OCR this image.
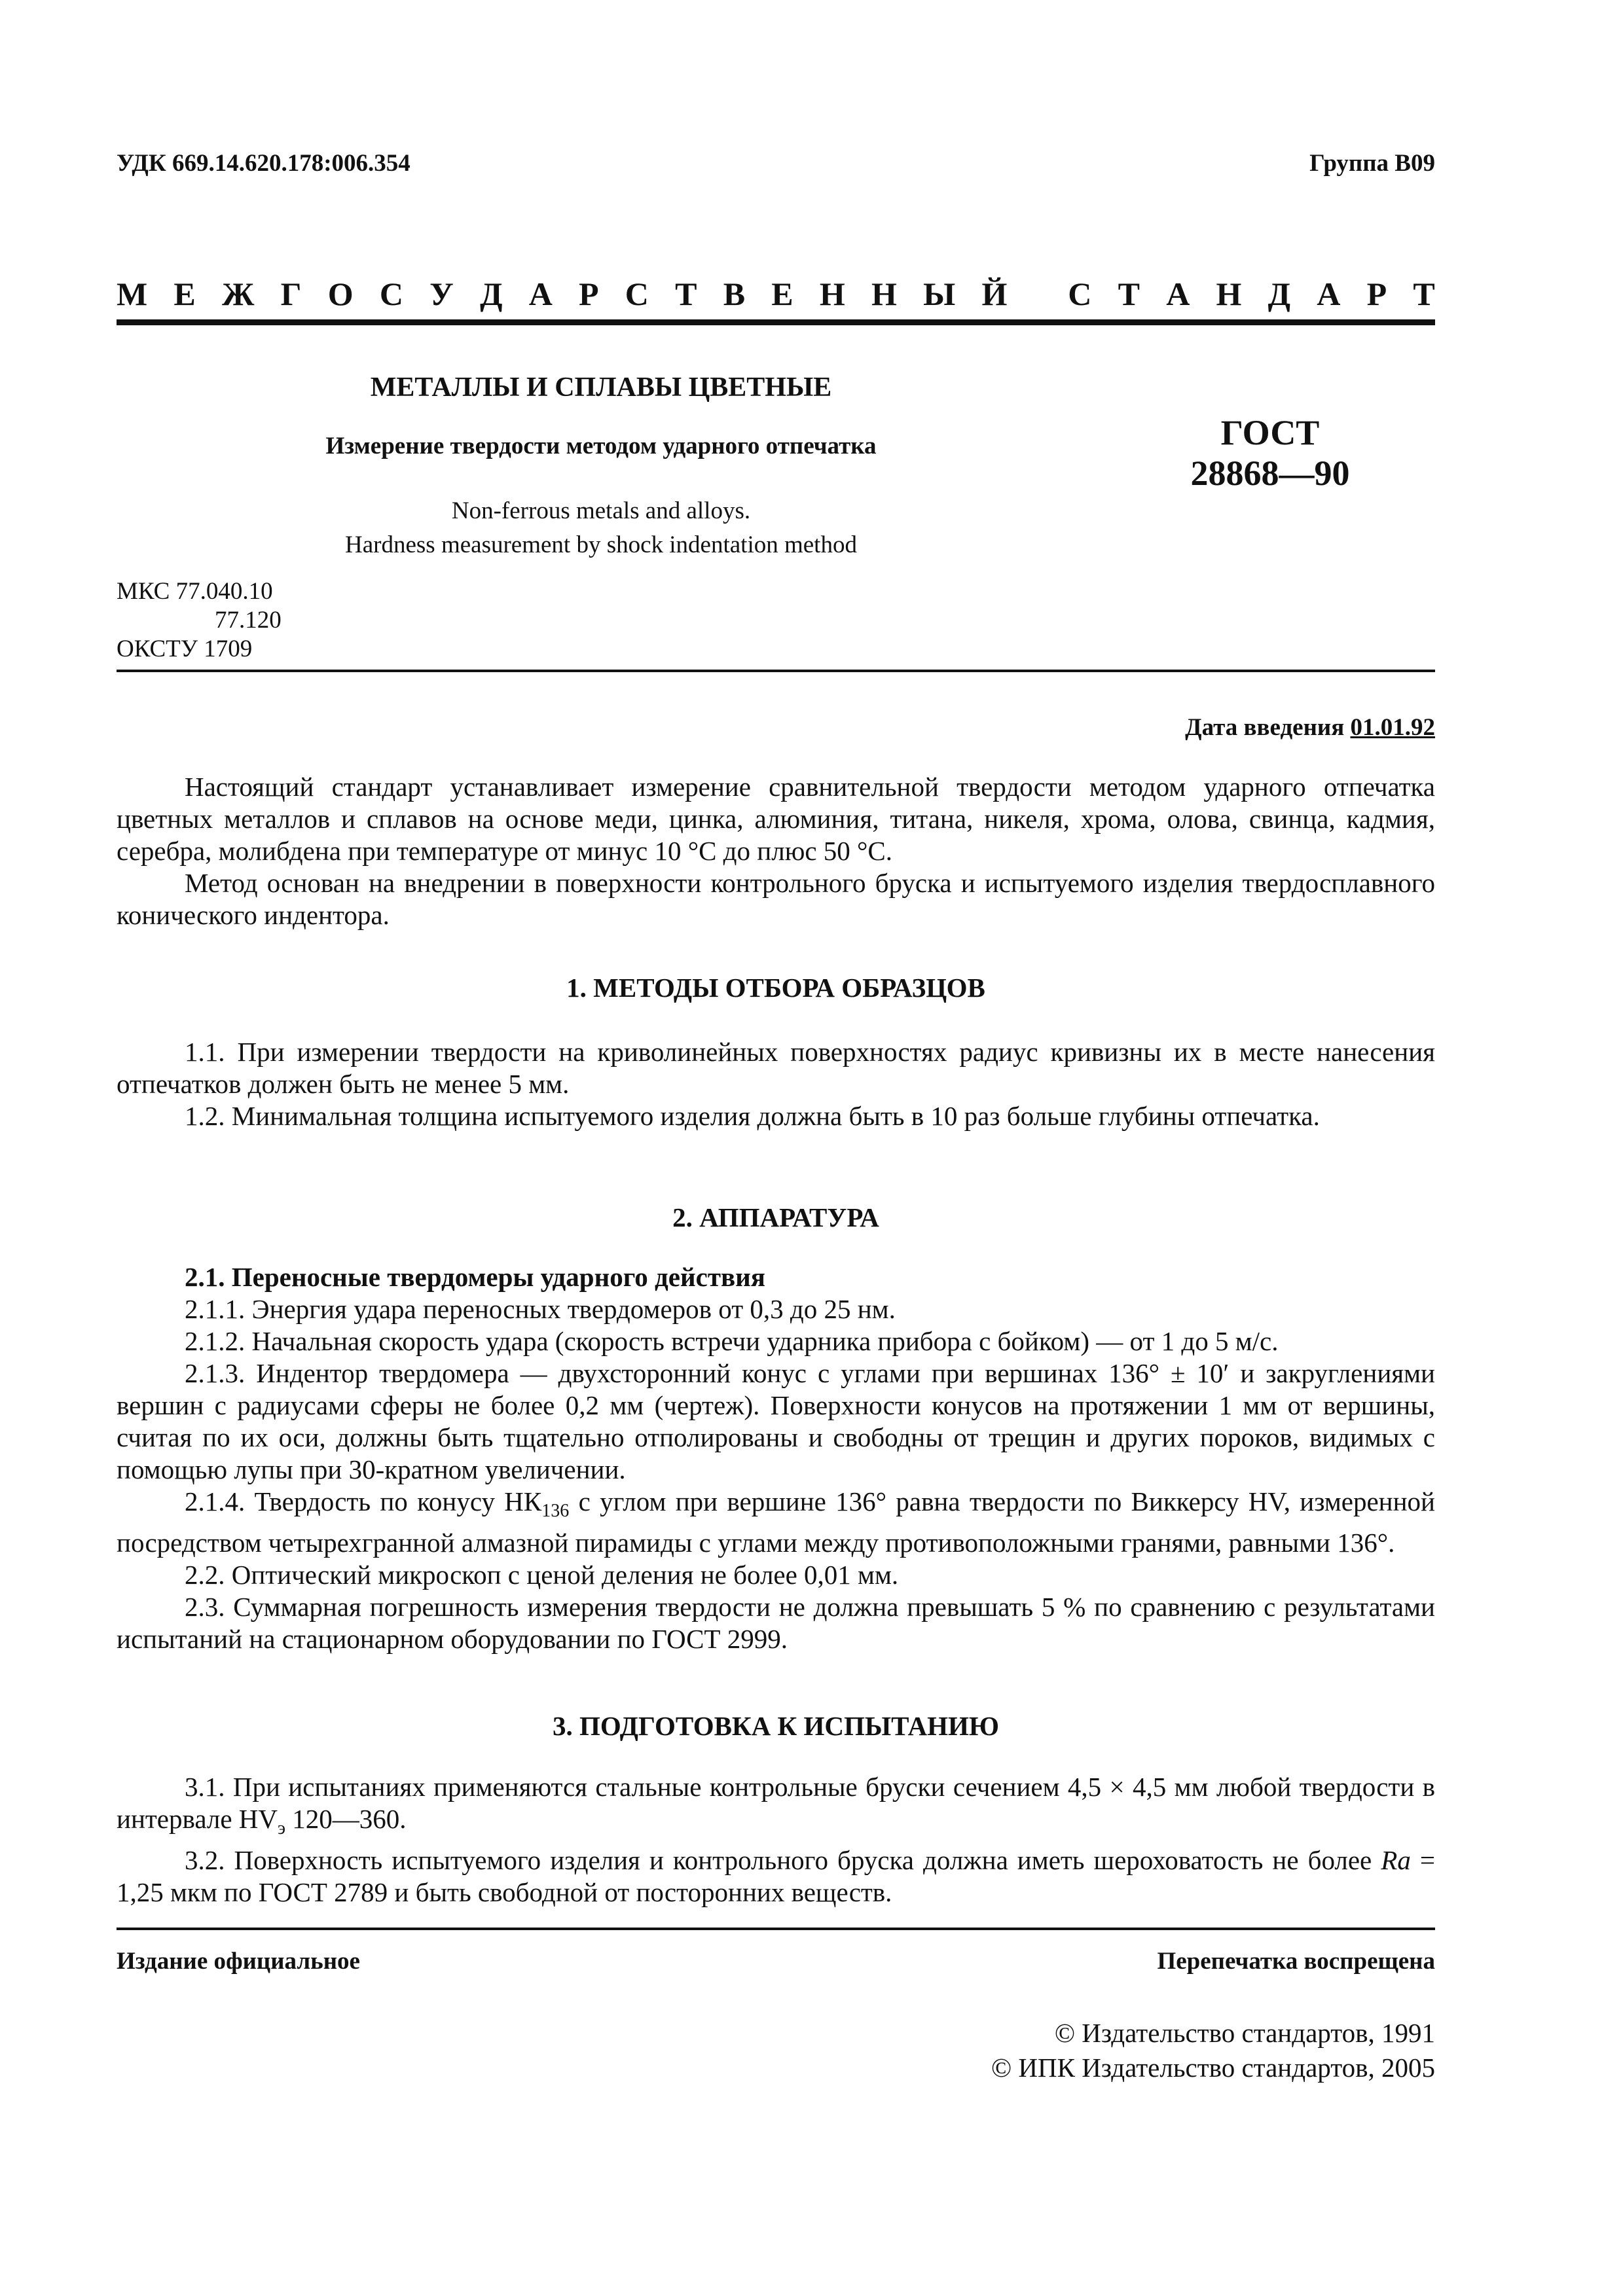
УДК 669.14.620.178:006.354	Группа В09
М Е Ж Г О С У Д А Р С Т В Е Н Н Ы Й
С Т А Н Д А Р Т
МЕТАЛЛЫ И СПЛАВЫ ЦВЕТНЫЕ
Измерение твердости методом ударного отпечатка
Non-ferrous metals and alloys.
Hardness measurement by shock indentation method
ГОСТ
28868—90
МКС 77.040.10
77.120
ОКСТУ 1709
Дата введения 01.01.92

Настоящий стандарт устанавливает измерение сравнительной твердости методом ударного отпечатка цветных металлов и сплавов на основе меди, цинка, алюминия, титана, никеля, хрома, олова, свинца, кадмия, серебра, молибдена при температуре от минус 10 °С до плюс 50 °С.

Метод основан на внедрении в поверхности контрольного бруска и испытуемого изделия твердосплавного конического индентора.

1. МЕТОДЫ ОТБОРА ОБРАЗЦОВ

1.1. При измерении твердости на криволинейных поверхностях радиус кривизны их в месте нанесения отпечатков должен быть не менее 5 мм.

1.2. Минимальная толщина испытуемого изделия должна быть в 10 раз больше глубины отпечатка.

2. АППАРАТУРА

2.1. Переносные твердомеры ударного действия

2.1.1. Энергия удара переносных твердомеров от 0,3 до 25 нм.

2.1.2. Начальная скорость удара (скорость встречи ударника прибора с бойком) — от 1 до 5 м/с.

2.1.3. Индентор твердомера — двухсторонний конус с углами при вершинах 136° ± 10′ и закруглениями вершин с радиусами сферы не более 0,2 мм (чертеж). Поверхности конусов на протяжении 1 мм от вершины, считая по их оси, должны быть тщательно отполированы и свободны от трещин и других пороков, видимых с помощью лупы при 30-кратном увеличении.

2.1.4. Твердость по конусу $НК_{136}$ с углом при вершине 136° равна твердости по Виккерсу HV, измеренной посредством четырехгранной алмазной пирамиды с углами между противоположными гранями, равными 136°.

2.2. Оптический микроскоп с ценой деления не более 0,01 мм.

2.3. Суммарная погрешность измерения твердости не должна превышать 5 % по сравнению с результатами испытаний на стационарном оборудовании по ГОСТ 2999.

3. ПОДГОТОВКА К ИСПЫТАНИЮ

3.1. При испытаниях применяются стальные контрольные бруски сечением 4,5 × 4,5 мм любой твердости в интервале $HV_э$ 120—360.

3.2. Поверхность испытуемого изделия и контрольного бруска должна иметь шероховатость не более Ra = 1,25 мкм по ГОСТ 2789 и быть свободной от посторонних веществ.

Издание официальное	Перепечатка воспрещена
© Издательство стандартов, 1991
© ИПК Издательство стандартов, 2005
